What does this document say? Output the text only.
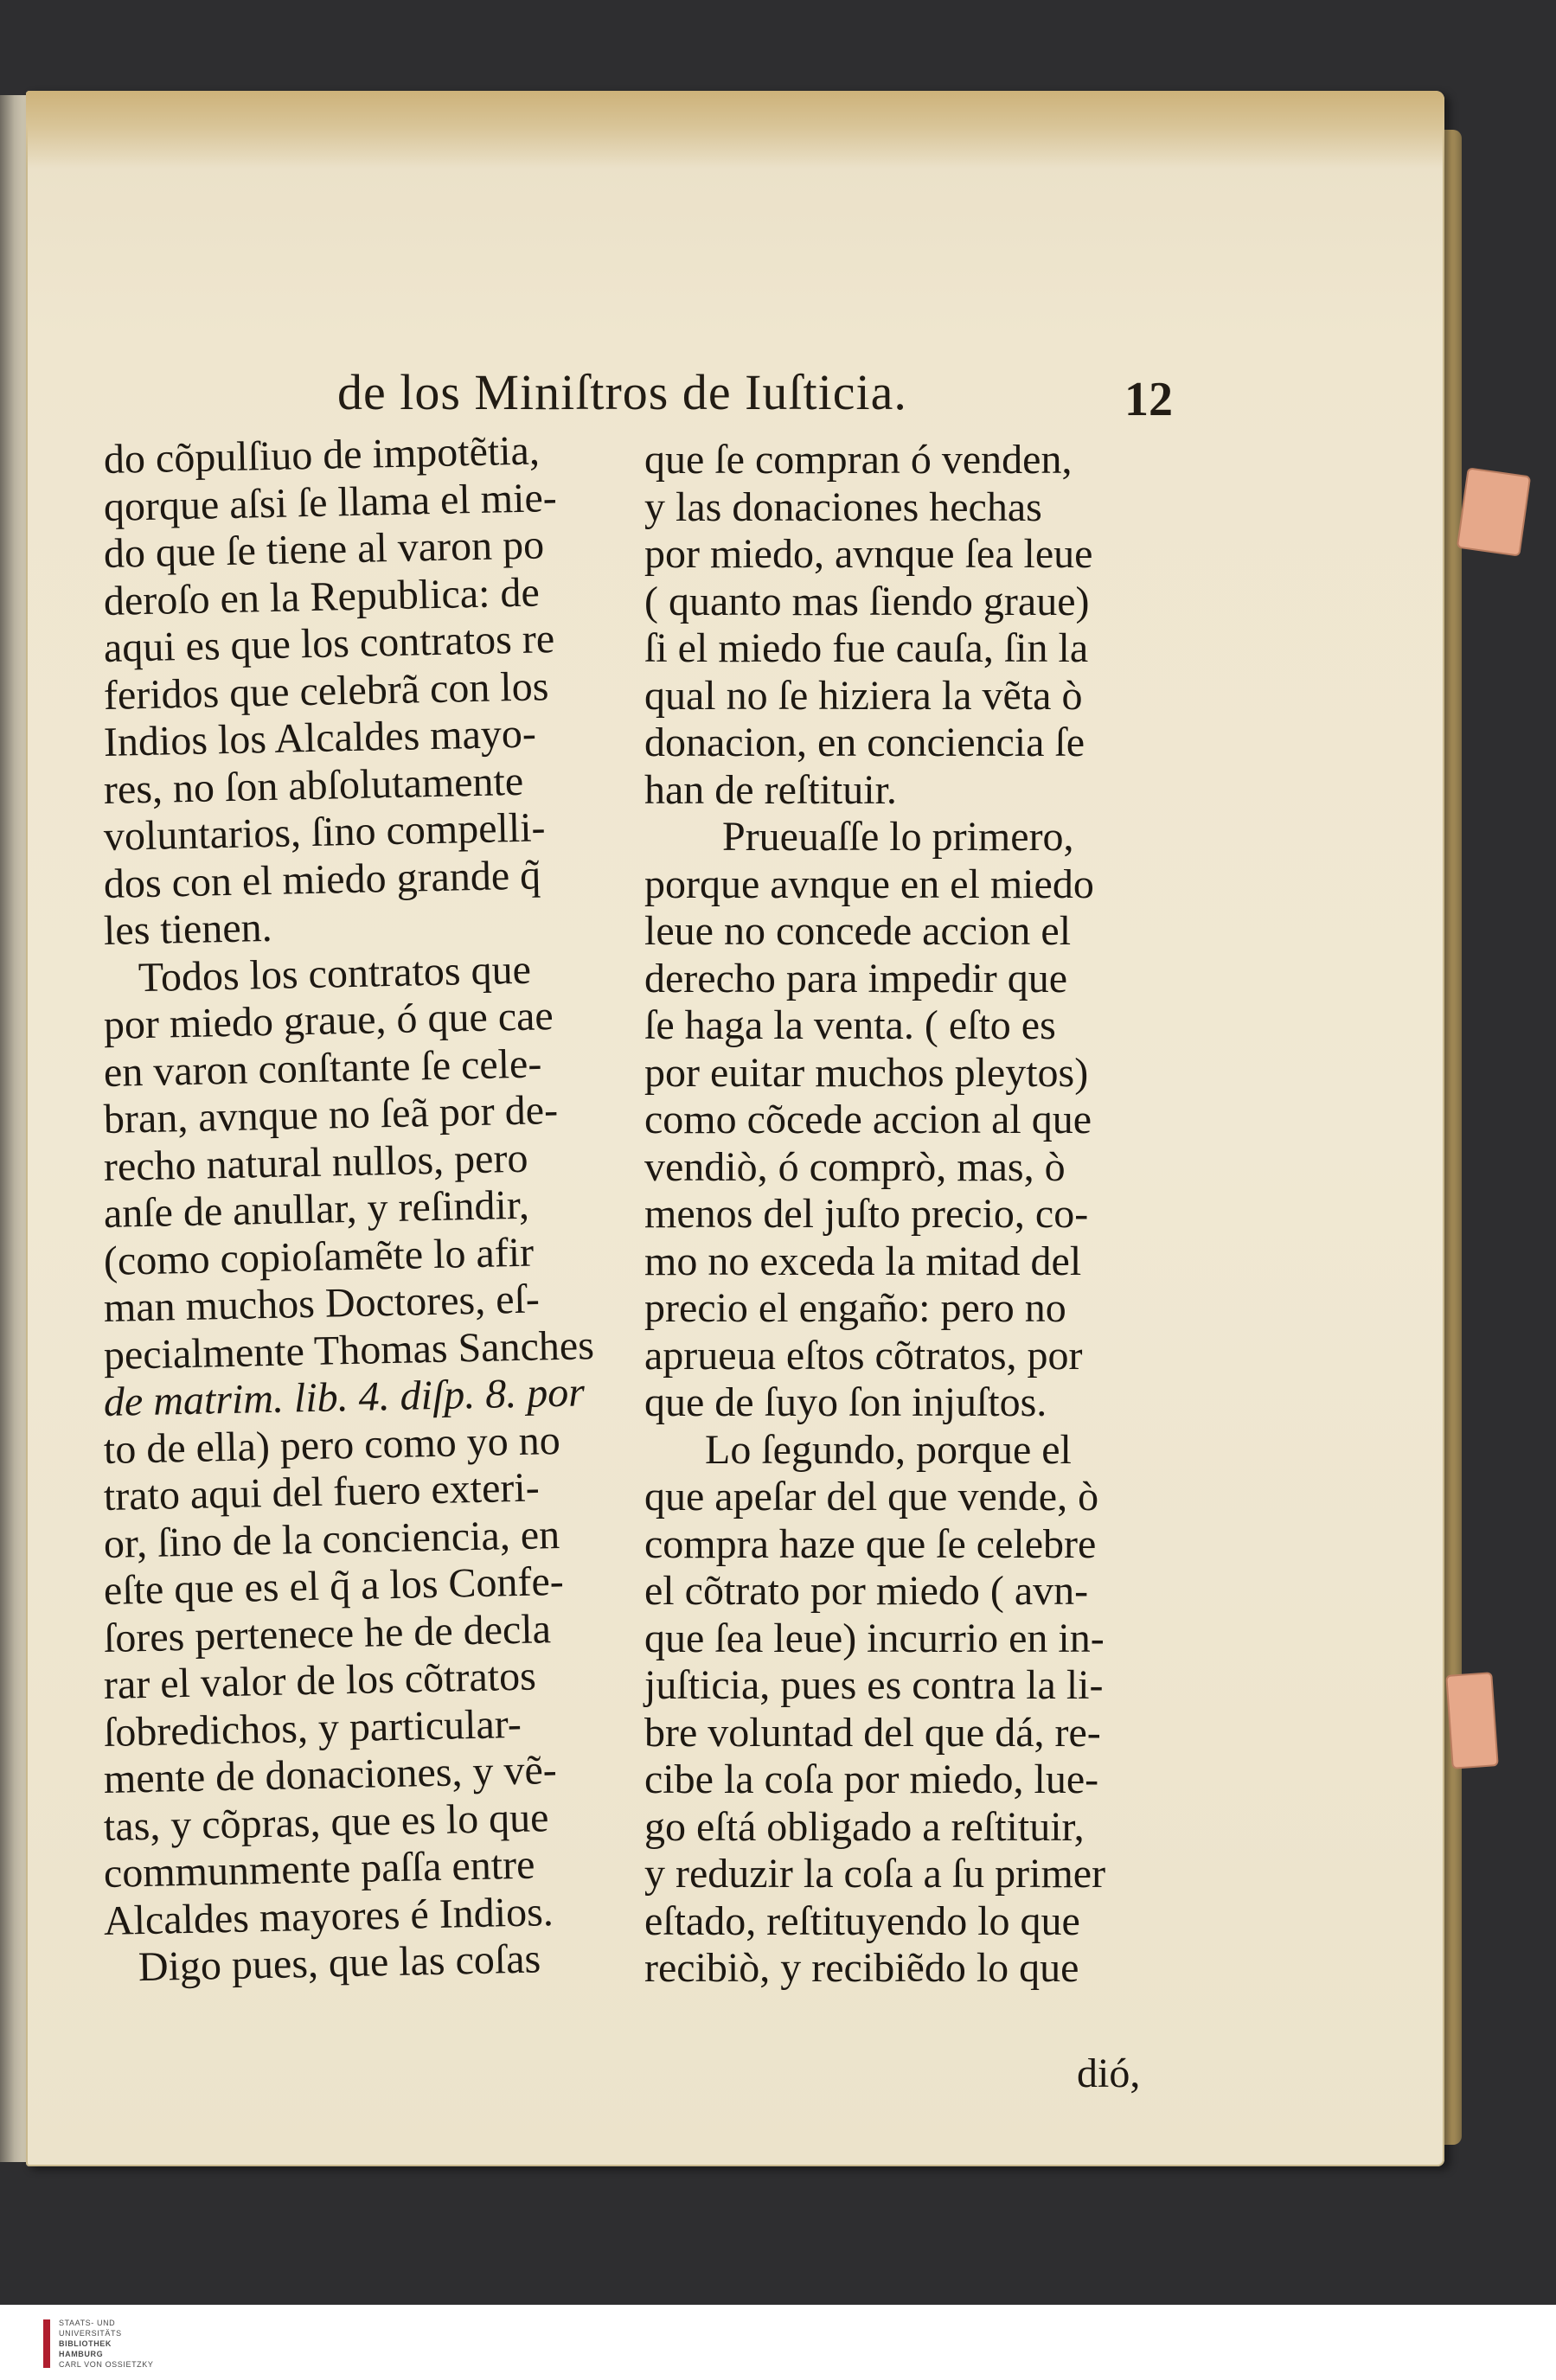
de los Miniſtros de Iuſticia.	12
do cõpulſiuo de impotẽtia,
qorque aſsi ſe llama el mie-
do que ſe tiene al varon po
deroſo en la Republica: de
aqui es que los contratos re
feridos que celebrã con los
Indios los Alcaldes mayo-
res, no ſon abſolutamente
voluntarios, ſino compelli-
dos con el miedo grande q̃
les tienen.
Todos los contratos que
por miedo graue, ó que cae
en varon conſtante ſe cele-
bran, avnque no ſeã por de-
recho natural nullos, pero
anſe de anullar, y reſindir,
(como copioſamẽte lo afir
man muchos Doctores, eſ-
pecialmente Thomas Sanches
de matrim. lib. 4. diſp. 8. por
to de ella) pero como yo no
trato aqui del fuero exteri-
or, ſino de la conciencia, en
eſte que es el q̃ a los Confe-
ſores pertenece he de decla
rar el valor de los cõtratos
ſobredichos, y particular-
mente de donaciones, y vẽ-
tas, y cõpras, que es lo que
communmente paſſa entre
Alcaldes mayores é Indios.
Digo pues, que las coſas
que ſe compran ó venden,
y las donaciones hechas
por miedo, avnque ſea leue
( quanto mas ſiendo graue)
ſi el miedo fue cauſa, ſin la
qual no ſe hiziera la vẽta ò
donacion, en conciencia ſe
han de reſtituir.
Prueuaſſe lo primero,
porque avnque en el miedo
leue no concede accion el
derecho para impedir que
ſe haga la venta. ( eſto es
por euitar muchos pleytos)
como cõcede accion al que
vendiò, ó comprò, mas, ò
menos del juſto precio, co-
mo no exceda la mitad del
precio el engaño: pero no
aprueua eſtos cõtratos, por
que de ſuyo ſon injuſtos.
Lo ſegundo, porque el
que apeſar del que vende, ò
compra haze que ſe celebre
el cõtrato por miedo ( avn-
que ſea leue) incurrio en in-
juſticia, pues es contra la li-
bre voluntad del que dá, re-
cibe la coſa por miedo, lue-
go eſtá obligado a reſtituir,
y reduzir la coſa a ſu primer
eſtado, reſtituyendo lo que
recibiò, y recibiẽdo lo que
dió,
STAATS- UND UNIVERSITÄTS
BIBLIOTHEK
HAMBURG
CARL VON OSSIETZKY
